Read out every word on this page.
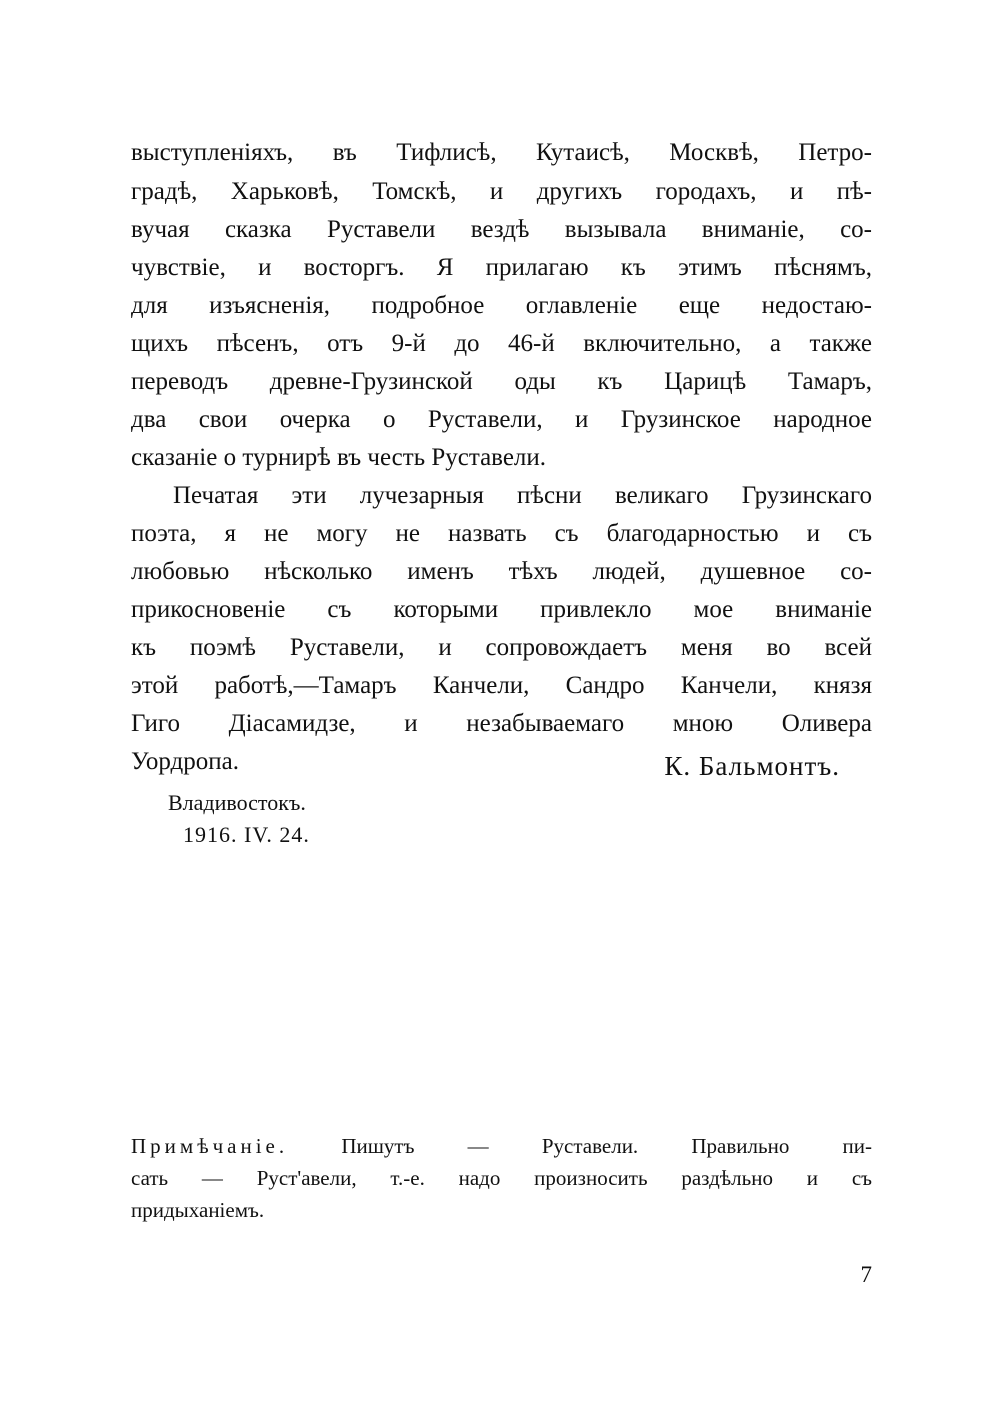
выступленіяхъ, въ Тифлисѣ, Кутаисѣ, Москвѣ, Петро-
градѣ, Харьковѣ, Томскѣ, и другихъ городахъ, и пѣ-
вучая сказка Руставели вездѣ вызывала вниманіе, со-
чувствіе, и восторгъ. Я прилагаю къ этимъ пѣснямъ,
для изъясненія, подробное оглавленіе еще недостаю-
щихъ пѣсенъ, отъ 9-й до 46-й включительно, а также
переводъ древне-Грузинской оды къ Царицѣ Тамаръ,
два свои очерка о Руставели, и Грузинское народное
сказаніе о турнирѣ въ честь Руставели.
Печатая эти лучезарныя пѣсни великаго Грузинскаго
поэта, я не могу не назвать съ благодарностью и съ
любовью нѣсколько именъ тѣхъ людей, душевное со-
прикосновеніе съ которыми привлекло мое вниманіе
къ поэмѣ Руставели, и сопровождаетъ меня во всей
этой работѣ,—Тамаръ Канчели, Сандро Канчели, князя
Гиго Діасамидзе, и незабываемаго мною Оливера
Уордропа.	К. Бальмонтъ.
Владивостокъ.
1916. IV. 24.
Примѣчаніе. Пишутъ — Руставели. Правильно пи-
сать — Руст'авели, т.-е. надо произносить раздѣльно и съ
придыханіемъ.
7
